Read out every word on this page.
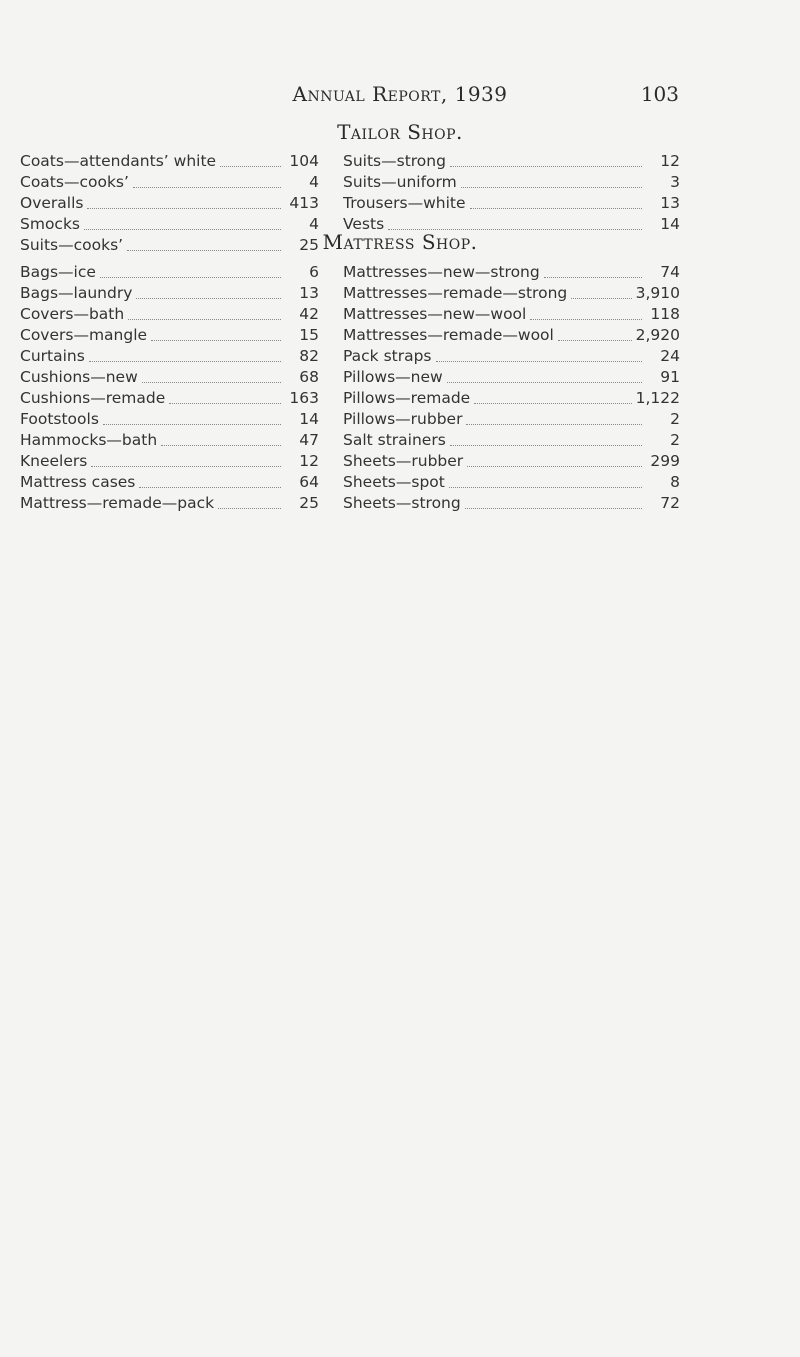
Annual Report, 1939	103
Tailor Shop.
Coats—attendants’ white	104
Coats—cooks’	4
Overalls	413
Smocks	4
Suits—cooks’	25
Suits—strong	12
Suits—uniform	3
Trousers—white	13
Vests	14
Mattress Shop.
Bags—ice	6
Bags—laundry	13
Covers—bath	42
Covers—mangle	15
Curtains	82
Cushions—new	68
Cushions—remade	163
Footstools	14
Hammocks—bath	47
Kneelers	12
Mattress cases	64
Mattress—remade—pack	25
Mattresses—new—strong	74
Mattresses—remade—strong	3,910
Mattresses—new—wool	118
Mattresses—remade—wool	2,920
Pack straps	24
Pillows—new	91
Pillows—remade	1,122
Pillows—rubber	2
Salt strainers	2
Sheets—rubber	299
Sheets—spot	8
Sheets—strong	72
